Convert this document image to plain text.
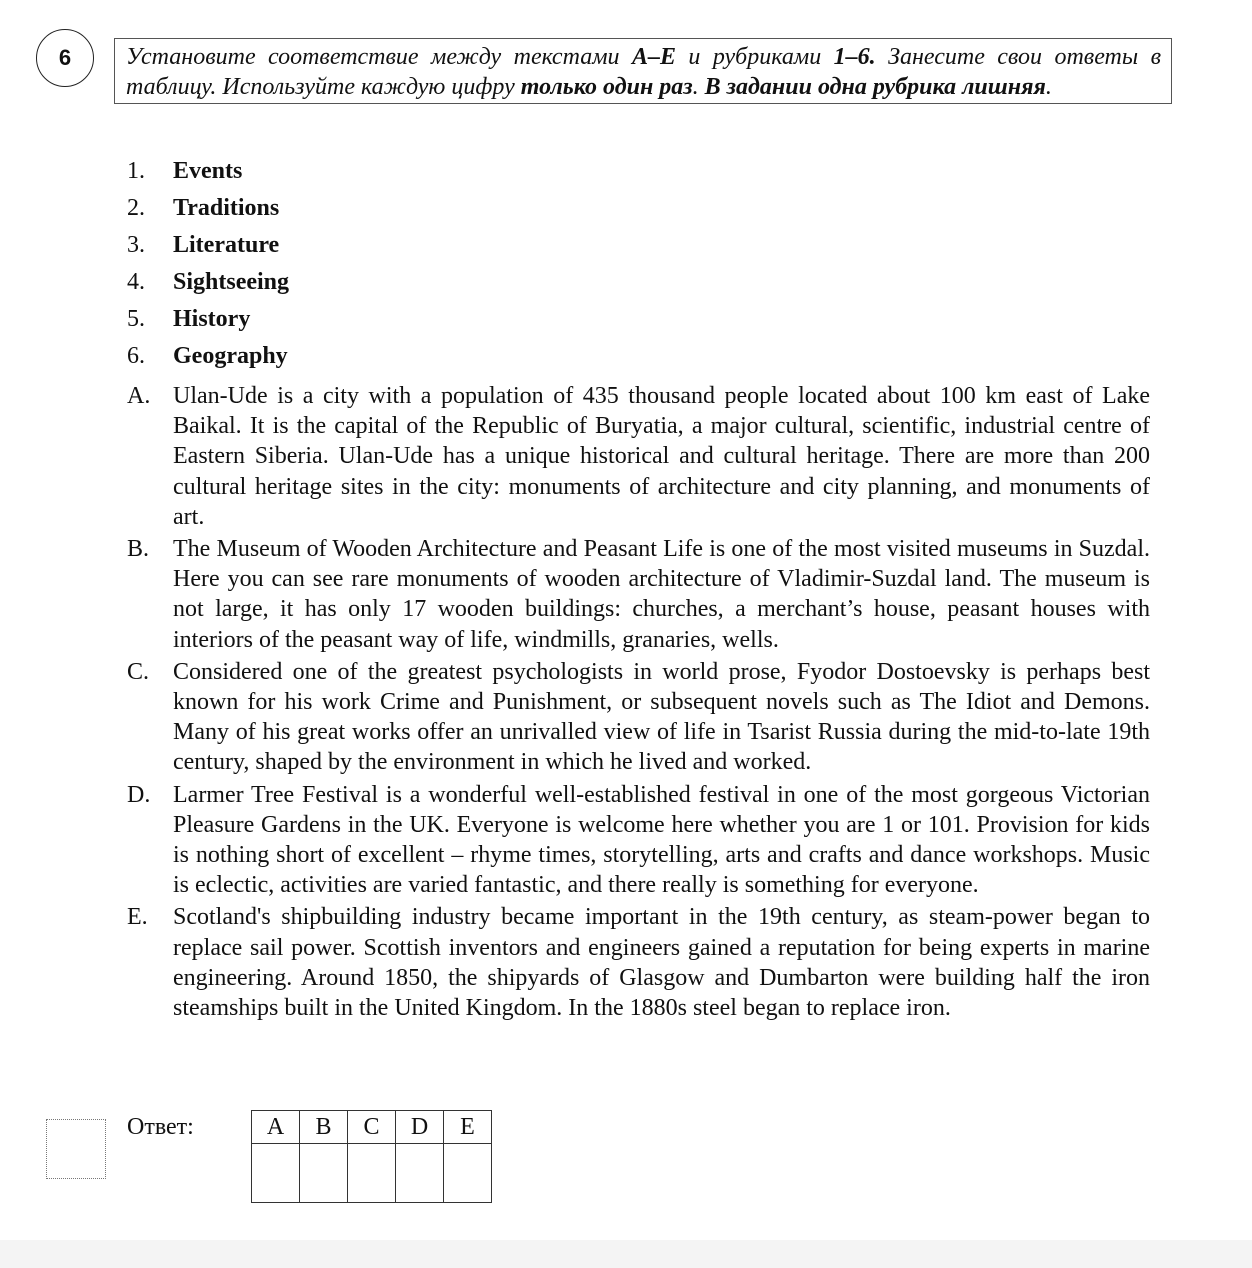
6	Установите соответствие между текстами A–E и рубриками 1–6. Занесите свои ответы в таблицу. Используйте каждую цифру только один раз. В задании одна рубрика лишняя.
1.	Events
2.	Traditions
3.	Literature
4.	Sightseeing
5.	History
6.	Geography
A. Ulan-Ude is a city with a population of 435 thousand people located about 100 km east of Lake Baikal. It is the capital of the Republic of Buryatia, a major cultural, scientific, industrial centre of Eastern Siberia. Ulan-Ude has a unique historical and cultural heritage. There are more than 200 cultural heritage sites in the city: monuments of architecture and city planning, and monuments of art.
B. The Museum of Wooden Architecture and Peasant Life is one of the most visited museums in Suzdal. Here you can see rare monuments of wooden architecture of Vladimir-Suzdal land. The museum is not large, it has only 17 wooden buildings: churches, a merchant’s house, peasant houses with interiors of the peasant way of life, windmills, granaries, wells.
C. Considered one of the greatest psychologists in world prose, Fyodor Dostoevsky is perhaps best known for his work Crime and Punishment, or subsequent novels such as The Idiot and Demons. Many of his great works offer an unrivalled view of life in Tsarist Russia during the mid-to-late 19th century, shaped by the environment in which he lived and worked.
D. Larmer Tree Festival is a wonderful well-established festival in one of the most gorgeous Victorian Pleasure Gardens in the UK. Everyone is welcome here whether you are 1 or 101. Provision for kids is nothing short of excellent – rhyme times, storytelling, arts and crafts and dance workshops. Music is eclectic, activities are varied fantastic, and there really is something for everyone.
E.	Scotland's shipbuilding industry became important in the 19th century, as steam-power began to replace sail power. Scottish inventors and engineers gained a reputation for being experts in marine engineering. Around 1850, the shipyards of Glasgow and Dumbarton were building half the iron steamships built in the United Kingdom. In the 1880s steel began to replace iron.
Ответ:	A	B	C	D	E
